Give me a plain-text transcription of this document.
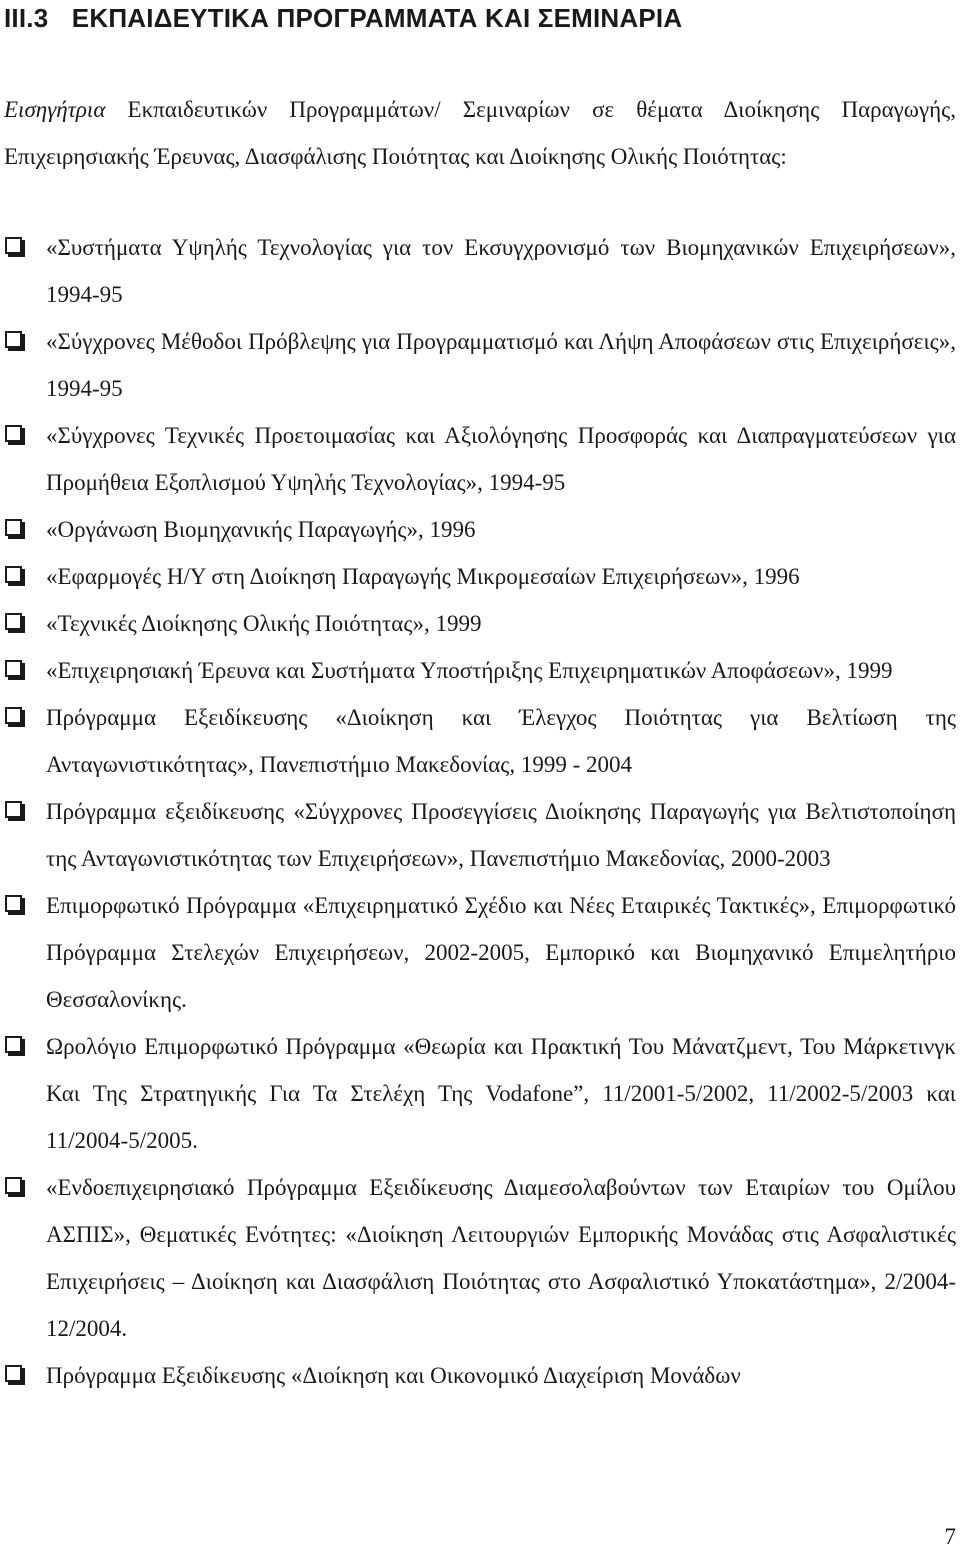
III.3 ΕΚΠΑΙΔΕΥΤΙΚΑ ΠΡΟΓΡΑΜΜΑΤΑ ΚΑΙ ΣΕΜΙΝΑΡΙΑ

Εισηγήτρια Εκπαιδευτικών Προγραμμάτων/ Σεμιναρίων σε θέματα Διοίκησης Παραγωγής, Επιχειρησιακής Έρευνας, Διασφάλισης Ποιότητας και Διοίκησης Ολικής Ποιότητας:

«Συστήματα Υψηλής Τεχνολογίας για τον Εκσυγχρονισμό των Βιομηχανικών Επιχειρήσεων», 1994-95
«Σύγχρονες Μέθοδοι Πρόβλεψης για Προγραμματισμό και Λήψη Αποφάσεων στις Επιχειρήσεις», 1994-95
«Σύγχρονες Τεχνικές Προετοιμασίας και Αξιολόγησης Προσφοράς και Διαπραγματεύσεων για Προμήθεια Εξοπλισμού Υψηλής Τεχνολογίας», 1994-95
«Οργάνωση Βιομηχανικής Παραγωγής», 1996
«Εφαρμογές Η/Υ στη Διοίκηση Παραγωγής Μικρομεσαίων Επιχειρήσεων», 1996
«Τεχνικές Διοίκησης Ολικής Ποιότητας», 1999
«Επιχειρησιακή Έρευνα και Συστήματα Υποστήριξης Επιχειρηματικών Αποφάσεων», 1999
Πρόγραμμα Εξειδίκευσης «Διοίκηση και Έλεγχος Ποιότητας για Βελτίωση της Ανταγωνιστικότητας», Πανεπιστήμιο Μακεδονίας, 1999 - 2004
Πρόγραμμα εξειδίκευσης «Σύγχρονες Προσεγγίσεις Διοίκησης Παραγωγής για Βελτιστοποίηση της Ανταγωνιστικότητας των Επιχειρήσεων», Πανεπιστήμιο Μακεδονίας, 2000-2003
Επιμορφωτικό Πρόγραμμα «Επιχειρηματικό Σχέδιο και Νέες Εταιρικές Τακτικές», Επιμορφωτικό Πρόγραμμα Στελεχών Επιχειρήσεων, 2002-2005, Εμπορικό και Βιομηχανικό Επιμελητήριο Θεσσαλονίκης.
Ωρολόγιο Επιμορφωτικό Πρόγραμμα «Θεωρία και Πρακτική Του Μάνατζμεντ, Του Μάρκετινγκ Και Της Στρατηγικής Για Τα Στελέχη Της Vodafone”, 11/2001-5/2002, 11/2002-5/2003 και 11/2004-5/2005.
«Ενδοεπιχειρησιακό Πρόγραμμα Εξειδίκευσης Διαμεσολαβούντων των Εταιρίων του Ομίλου ΑΣΠΙΣ», Θεματικές Ενότητες: «Διοίκηση Λειτουργιών Εμπορικής Μονάδας στις Ασφαλιστικές Επιχειρήσεις – Διοίκηση και Διασφάλιση Ποιότητας στο Ασφαλιστικό Υποκατάστημα», 2/2004-12/2004.
Πρόγραμμα Εξειδίκευσης «Διοίκηση και Οικονομικό Διαχείριση Μονάδων
7
